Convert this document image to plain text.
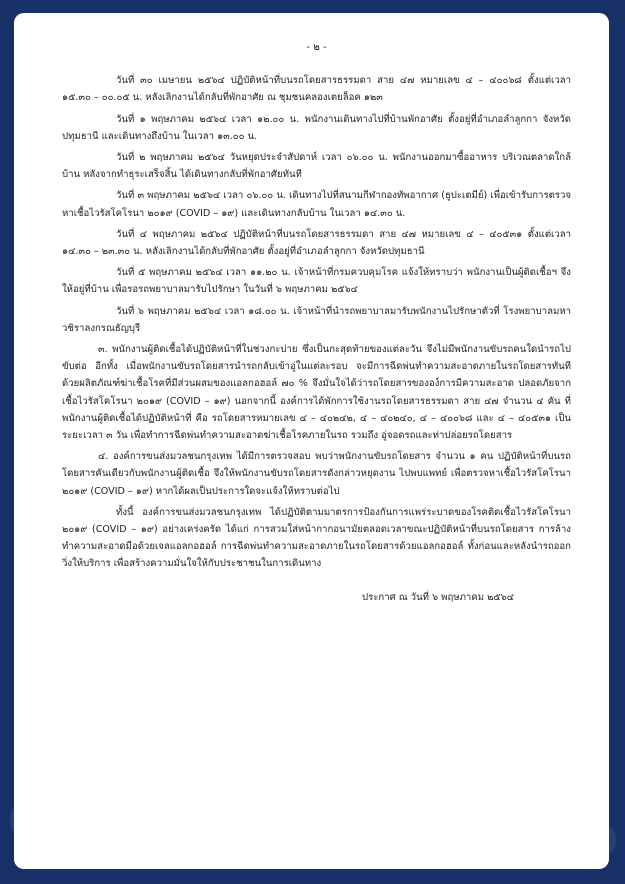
- ๒ -

วันที่ ๓๐ เมษายน ๒๕๖๔ ปฏิบัติหน้าที่บนรถโดยสารธรรมดา สาย ๔๗ หมายเลข ๔ – ๔๐๐๖๘ ตั้งแต่เวลา ๑๕.๓๐ – ๐๐.๐๕ น. หลังเลิกงานได้กลับที่พักอาศัย ณ ชุมชนคลองเตยล็อค ๑๒๓

วันที่ ๑ พฤษภาคม ๒๕๖๔ เวลา ๑๒.๐๐ น. พนักงานเดินทางไปที่บ้านพักอาศัย ตั้งอยู่ที่อำเภอลำลูกกา จังหวัดปทุมธานี และเดินทางถึงบ้าน ในเวลา ๑๓.๐๐ น.

วันที่ ๒ พฤษภาคม ๒๕๖๔ วันหยุดประจำสัปดาห์ เวลา ๐๖.๐๐ น. พนักงานออกมาซื้ออาหาร บริเวณตลาดใกล้บ้าน หลังจากทำธุระเสร็จสิ้น ได้เดินทางกลับที่พักอาศัยทันที

วันที่ ๓ พฤษภาคม ๒๕๖๔ เวลา ๐๖.๐๐ น. เดินทางไปที่สนามกีฬากองทัพอากาศ (ธูปะเตมีย์) เพื่อเข้ารับการตรวจหาเชื้อไวรัสโคโรนา ๒๐๑๙ (COVID – ๑๙) และเดินทางกลับบ้าน ในเวลา ๑๔.๓๐ น.

วันที่ ๔ พฤษภาคม ๒๕๖๔ ปฏิบัติหน้าที่บนรถโดยสารธรรมดา สาย ๔๗ หมายเลข ๔ – ๔๐๕๓๑ ตั้งแต่เวลา ๑๔.๓๐ – ๒๓.๓๐ น. หลังเลิกงานได้กลับที่พักอาศัย ตั้งอยู่ที่อำเภอลำลูกกา จังหวัดปทุมธานี

วันที่ ๕ พฤษภาคม ๒๕๖๔ เวลา ๑๑.๒๐ น. เจ้าหน้าที่กรมควบคุมโรค แจ้งให้ทราบว่า พนักงานเป็นผู้ติดเชื้อฯ จึงให้อยู่ที่บ้าน เพื่อรอรถพยาบาลมารับไปรักษา ในวันที่ ๖ พฤษภาคม ๒๕๖๔

วันที่ ๖ พฤษภาคม ๒๕๖๔ เวลา ๑๘.๐๐ น. เจ้าหน้าที่นำรถพยาบาลมารับพนักงานไปรักษาตัวที่ โรงพยาบาลมหาวชิราลงกรณธัญบุรี

๓. พนักงานผู้ติดเชื้อได้ปฏิบัติหน้าที่ในช่วงกะบ่าย ซึ่งเป็นกะสุดท้ายของแต่ละวัน จึงไม่มีพนักงานขับรถคนใดนำรถไปขับต่อ อีกทั้ง เมื่อพนักงานขับรถโดยสารนำรถกลับเข้าอู่ในแต่ละรอบ จะมีการฉีดพ่นทำความสะอาดภายในรถโดยสารทันทีด้วยผลิตภัณฑ์ฆ่าเชื้อโรคที่มีส่วนผสมของแอลกอฮอล์ ๗๐ % จึงมั่นใจได้ว่ารถโดยสารขององ์การมีความสะอาด ปลอดภัยจากเชื้อไวรัสโคโรนา ๒๐๑๙ (COVID – ๑๙) นอกจากนี้ องค์การได้พักการใช้งานรถโดยสารธรรมดา สาย ๔๗ จำนวน ๔ คัน ที่พนักงานผู้ติดเชื้อได้ปฏิบัติหน้าที่ คือ รถโดยสารหมายเลข ๔ – ๔๐๒๔๒, ๔ – ๔๐๒๔๐, ๔ – ๔๐๐๖๘ และ ๔ – ๔๐๕๓๑ เป็นระยะเวลา ๓ วัน เพื่อทำการฉีดพ่นทำความสะอาดฆ่าเชื้อโรคภายในรถ รวมถึง อู่จอดรถและท่าปล่อยรถโดยสาร

๔. องค์การขนส่งมวลชนกรุงเทพ ได้มีการตรวจสอบ พบว่าพนักงานขับรถโดยสาร จำนวน ๑ คน ปฏิบัติหน้าที่บนรถโดยสารคันเดียวกับพนักงานผู้ติดเชื้อ จึงให้พนักงานขับรถโดยสารดังกล่าวหยุดงาน ไปพบแพทย์ เพื่อตรวจหาเชื้อไวรัสโคโรนา ๒๐๑๙ (COVID – ๑๙) หากได้ผลเป็นประการใดจะแจ้งให้ทราบต่อไป

ทั้งนี้ องค์การขนส่งมวลชนกรุงเทพ ได้ปฏิบัติตามมาตรการป้องกันการแพร่ระบาดของโรคติดเชื้อไวรัสโคโรนา ๒๐๑๙ (COVID – ๑๙) อย่างเคร่งครัด ได้แก่ การสวมใส่หน้ากากอนามัยตลอดเวลาขณะปฏิบัติหน้าที่บนรถโดยสาร การล้างทำความสะอาดมือด้วยเจลแอลกอฮอล์ การฉีดพ่นทำความสะอาดภายในรถโดยสารด้วยแอลกอฮอล์ ทั้งก่อนและหลังนำรถออกวิ่งให้บริการ เพื่อสร้างความมั่นใจให้กับประชาชนในการเดินทาง

ประกาศ ณ วันที่ ๖ พฤษภาคม ๒๕๖๔
